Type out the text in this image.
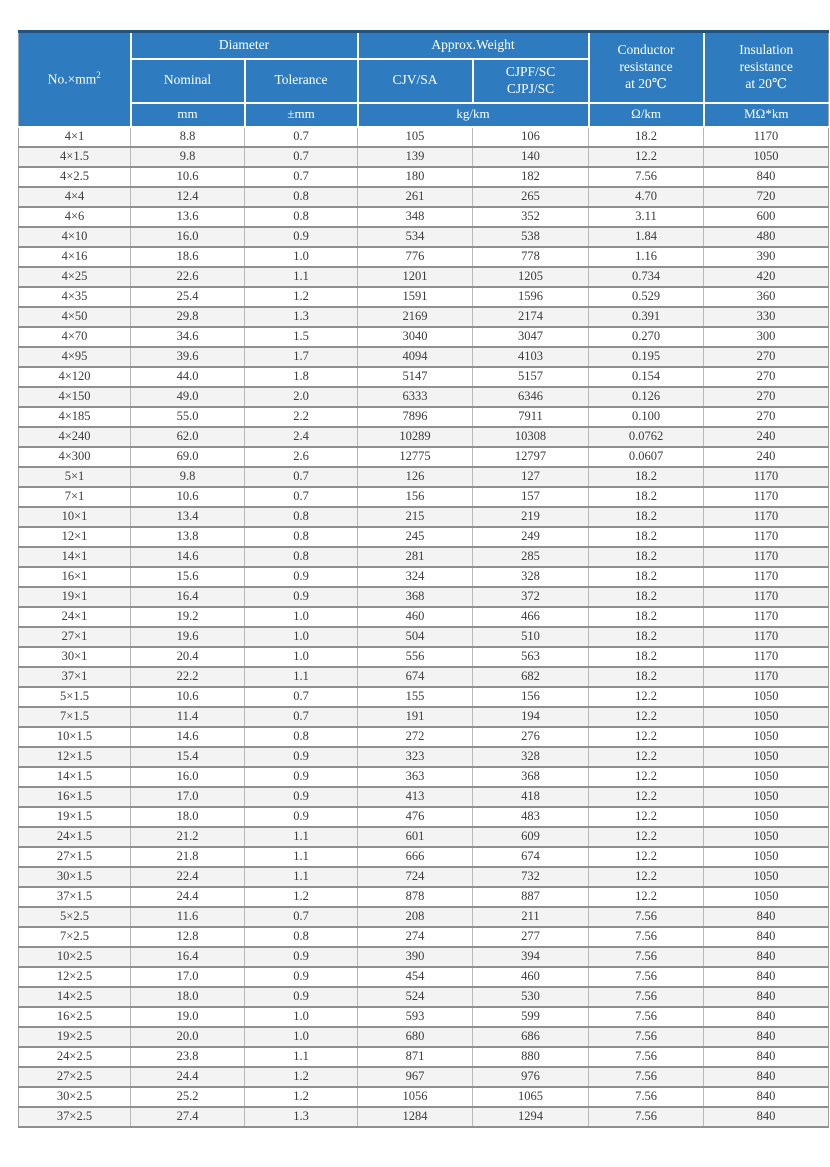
$No.\times mm^2$	Diameter		Approx.Weight		Conductor
resistance
at 20℃	Insulation
resistance
at 20℃

	Nominal	Tolerance	CJV/SA	CJPF/SC
CJPJ/SC		

	mm	±mm	kg/km		Ω/km	MΩ*km
4×1	8.8	0.7	105	106	18.2	1170
4×1.5	9.8	0.7	139	140	12.2	1050
4×2.5	10.6	0.7	180	182	7.56	840
4×4	12.4	0.8	261	265	4.70	720
4×6	13.6	0.8	348	352	3.11	600
4×10	16.0	0.9	534	538	1.84	480
4×16	18.6	1.0	776	778	1.16	390
4×25	22.6	1.1	1201	1205	0.734	420
4×35	25.4	1.2	1591	1596	0.529	360
4×50	29.8	1.3	2169	2174	0.391	330
4×70	34.6	1.5	3040	3047	0.270	300
4×95	39.6	1.7	4094	4103	0.195	270
4×120	44.0	1.8	5147	5157	0.154	270
4×150	49.0	2.0	6333	6346	0.126	270
4×185	55.0	2.2	7896	7911	0.100	270
4×240	62.0	2.4	10289	10308	0.0762	240
4×300	69.0	2.6	12775	12797	0.0607	240
5×1	9.8	0.7	126	127	18.2	1170
7×1	10.6	0.7	156	157	18.2	1170
10×1	13.4	0.8	215	219	18.2	1170
12×1	13.8	0.8	245	249	18.2	1170
14×1	14.6	0.8	281	285	18.2	1170
16×1	15.6	0.9	324	328	18.2	1170
19×1	16.4	0.9	368	372	18.2	1170
24×1	19.2	1.0	460	466	18.2	1170
27×1	19.6	1.0	504	510	18.2	1170
30×1	20.4	1.0	556	563	18.2	1170
37×1	22.2	1.1	674	682	18.2	1170
5×1.5	10.6	0.7	155	156	12.2	1050
7×1.5	11.4	0.7	191	194	12.2	1050
10×1.5	14.6	0.8	272	276	12.2	1050
12×1.5	15.4	0.9	323	328	12.2	1050
14×1.5	16.0	0.9	363	368	12.2	1050
16×1.5	17.0	0.9	413	418	12.2	1050
19×1.5	18.0	0.9	476	483	12.2	1050
24×1.5	21.2	1.1	601	609	12.2	1050
27×1.5	21.8	1.1	666	674	12.2	1050
30×1.5	22.4	1.1	724	732	12.2	1050
37×1.5	24.4	1.2	878	887	12.2	1050
5×2.5	11.6	0.7	208	211	7.56	840
7×2.5	12.8	0.8	274	277	7.56	840
10×2.5	16.4	0.9	390	394	7.56	840
12×2.5	17.0	0.9	454	460	7.56	840
14×2.5	18.0	0.9	524	530	7.56	840
16×2.5	19.0	1.0	593	599	7.56	840
19×2.5	20.0	1.0	680	686	7.56	840
24×2.5	23.8	1.1	871	880	7.56	840
27×2.5	24.4	1.2	967	976	7.56	840
30×2.5	25.2	1.2	1056	1065	7.56	840
37×2.5	27.4	1.3	1284	1294	7.56	840
